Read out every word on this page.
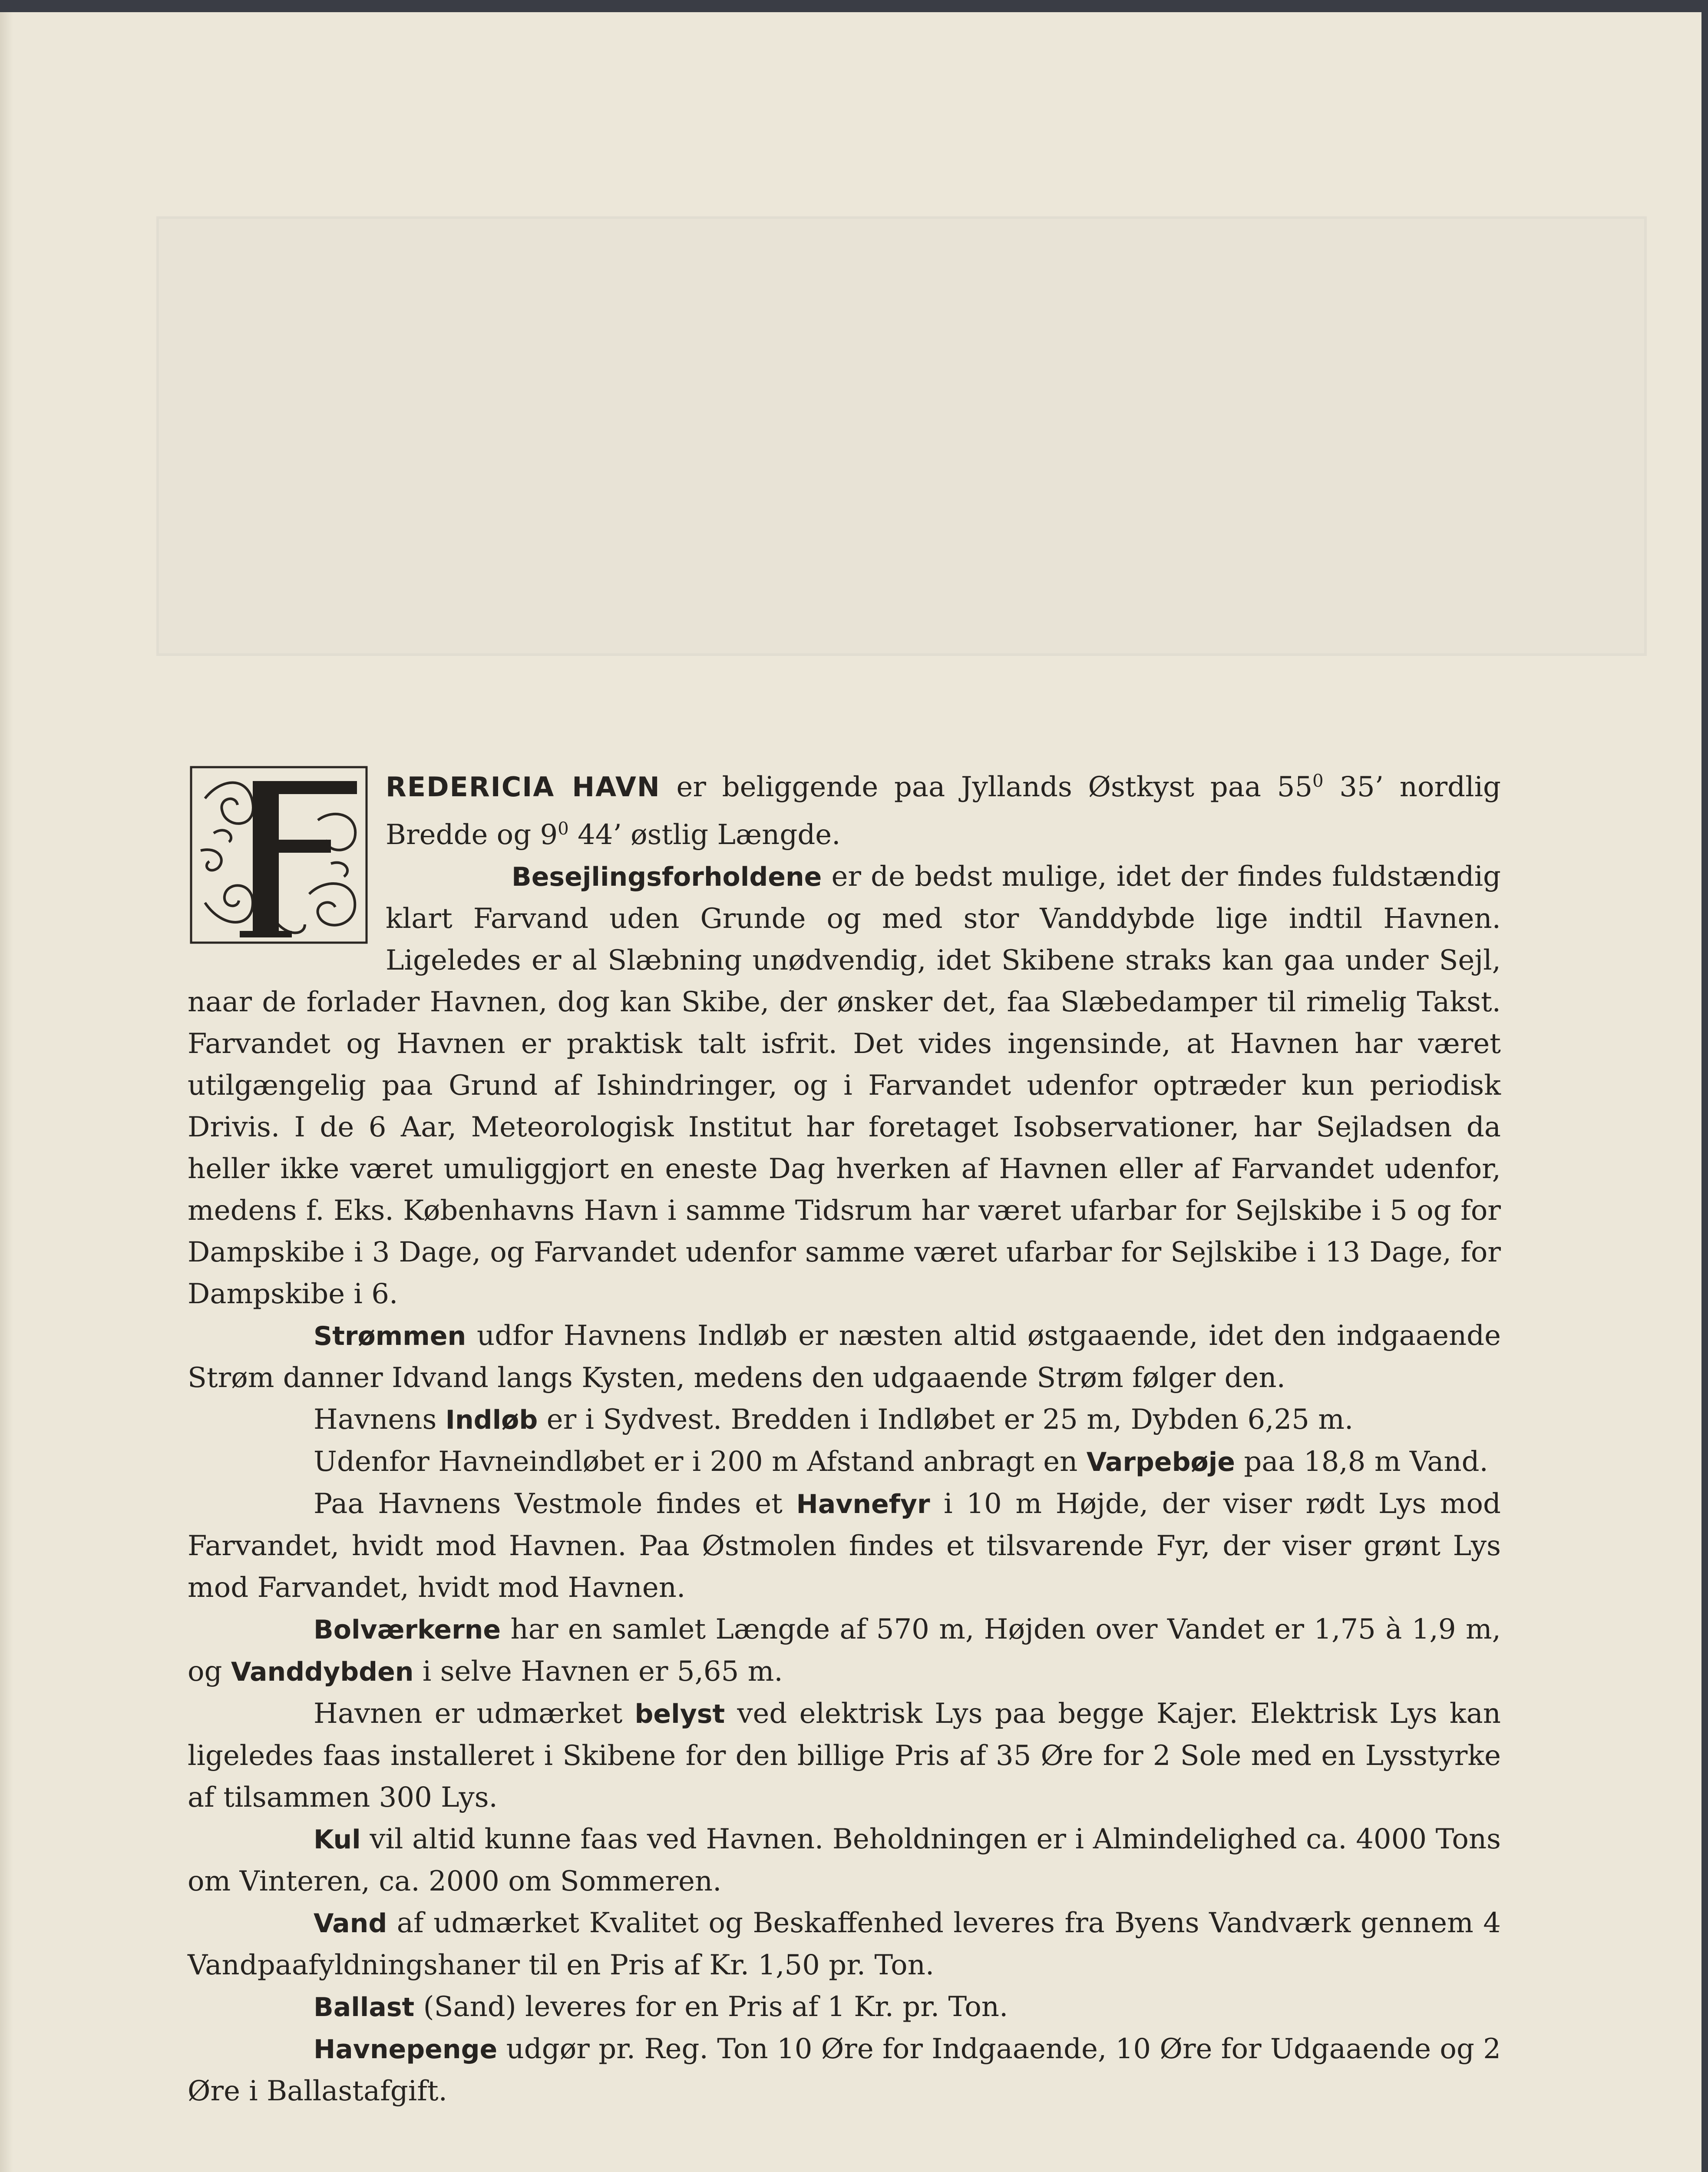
REDERICIA HAVN er beliggende paa Jyllands Østkyst paa $55^0$ 35’ nordlig Bredde og $9^0$ 44’ østlig Længde.

Besejlingsforholdene er de bedst mulige, idet der findes fuldstændig klart Farvand uden Grunde og med stor Vanddybde lige indtil Havnen. Ligeledes er al Slæbning unødvendig, idet Skibene straks kan gaa under Sejl, naar de forlader Havnen, dog kan Skibe, der ønsker det, faa Slæbedamper til rimelig Takst. Farvandet og Havnen er praktisk talt isfrit. Det vides ingensinde, at Havnen har været utilgængelig paa Grund af Ishindringer, og i Farvandet udenfor optræder kun periodisk Drivis. I de 6 Aar, Meteorologisk Institut har foretaget Isobservationer, har Sejladsen da heller ikke været umuliggjort en eneste Dag hverken af Havnen eller af Farvandet udenfor, medens f. Eks. Københavns Havn i samme Tidsrum har været ufarbar for Sejlskibe i 5 og for Dampskibe i 3 Dage, og Farvandet udenfor samme været ufarbar for Sejlskibe i 13 Dage, for Dampskibe i 6.

Strømmen udfor Havnens Indløb er næsten altid østgaaende, idet den indgaaende Strøm danner Idvand langs Kysten, medens den udgaaende Strøm følger den.

Havnens Indløb er i Sydvest. Bredden i Indløbet er 25 m, Dybden 6,25 m.

Udenfor Havneindløbet er i 200 m Afstand anbragt en Varpebøje paa 18,8 m Vand.

Paa Havnens Vestmole findes et Havnefyr i 10 m Højde, der viser rødt Lys mod Farvandet, hvidt mod Havnen. Paa Østmolen findes et tilsvarende Fyr, der viser grønt Lys mod Farvandet, hvidt mod Havnen.

Bolværkerne har en samlet Længde af 570 m, Højden over Vandet er 1,75 à 1,9 m, og Vanddybden i selve Havnen er 5,65 m.

Havnen er udmærket belyst ved elektrisk Lys paa begge Kajer. Elektrisk Lys kan ligeledes faas installeret i Skibene for den billige Pris af 35 Øre for 2 Sole med en Lysstyrke af tilsammen 300 Lys.

Kul vil altid kunne faas ved Havnen. Beholdningen er i Almindelighed ca. 4000 Tons om Vinteren, ca. 2000 om Sommeren.

Vand af udmærket Kvalitet og Beskaffenhed leveres fra Byens Vandværk gennem 4 Vandpaafyldningshaner til en Pris af Kr. 1,50 pr. Ton.

Ballast (Sand) leveres for en Pris af 1 Kr. pr. Ton.

Havnepenge udgør pr. Reg. Ton 10 Øre for Indgaaende, 10 Øre for Udgaaende og 2 Øre i Ballastafgift.
